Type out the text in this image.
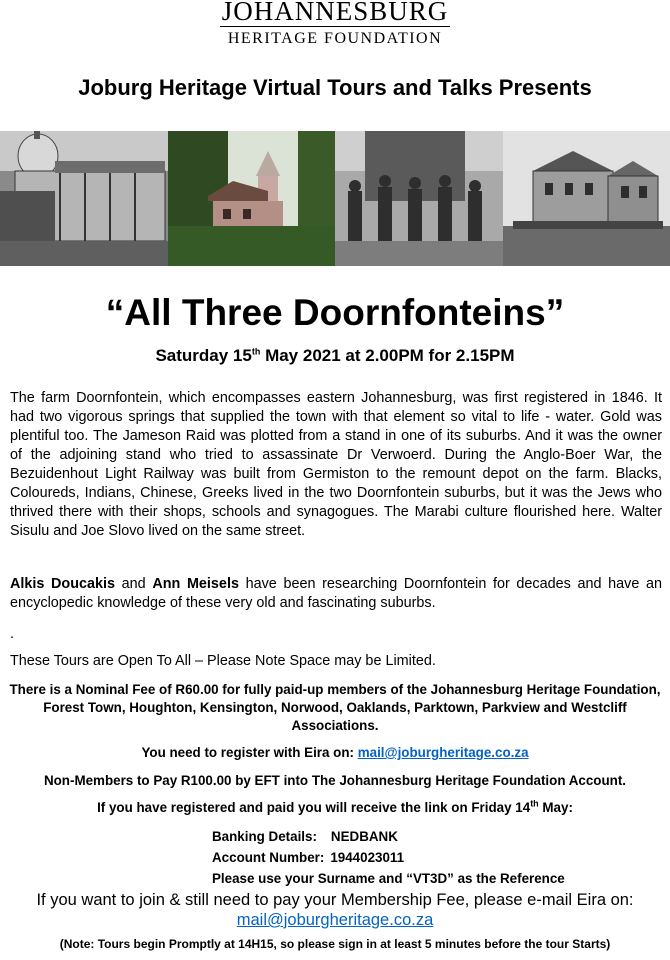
JOHANNESBURG
HERITAGE FOUNDATION
Joburg Heritage Virtual Tours and Talks Presents
“All Three Doornfonteins”
Saturday 15th May 2021 at 2.00PM for 2.15PM
The farm Doornfontein, which encompasses eastern Johannesburg, was first registered in 1846. It had two vigorous springs that supplied the town with that element so vital to life - water. Gold was plentiful too. The Jameson Raid was plotted from a stand in one of its suburbs. And it was the owner of the adjoining stand who tried to assassinate Dr Verwoerd. During the Anglo-Boer War, the Bezuidenhout Light Railway was built from Germiston to the remount depot on the farm. Blacks, Coloureds, Indians, Chinese, Greeks lived in the two Doornfontein suburbs, but it was the Jews who thrived there with their shops, schools and synagogues. The Marabi culture flourished here. Walter Sisulu and Joe Slovo lived on the same street.
Alkis Doucakis and Ann Meisels have been researching Doornfontein for decades and have an encyclopedic knowledge of these very old and fascinating suburbs.
.
These Tours are Open To All – Please Note Space may be Limited.
There is a Nominal Fee of R60.00 for fully paid-up members of the Johannesburg Heritage Foundation, Forest Town, Houghton, Kensington, Norwood, Oaklands, Parktown, Parkview and Westcliff Associations.
You need to register with Eira on: mail@joburgheritage.co.za
Non-Members to Pay R100.00 by EFT into The Johannesburg Heritage Foundation Account.
If you have registered and paid you will receive the link on Friday 14th May:
Banking Details: NEDBANK
Account Number: 1944023011
Please use your Surname and “VT3D” as the Reference
If you want to join & still need to pay your Membership Fee, please e-mail Eira on:
mail@joburgheritage.co.za
(Note: Tours begin Promptly at 14H15, so please sign in at least 5 minutes before the tour Starts)
